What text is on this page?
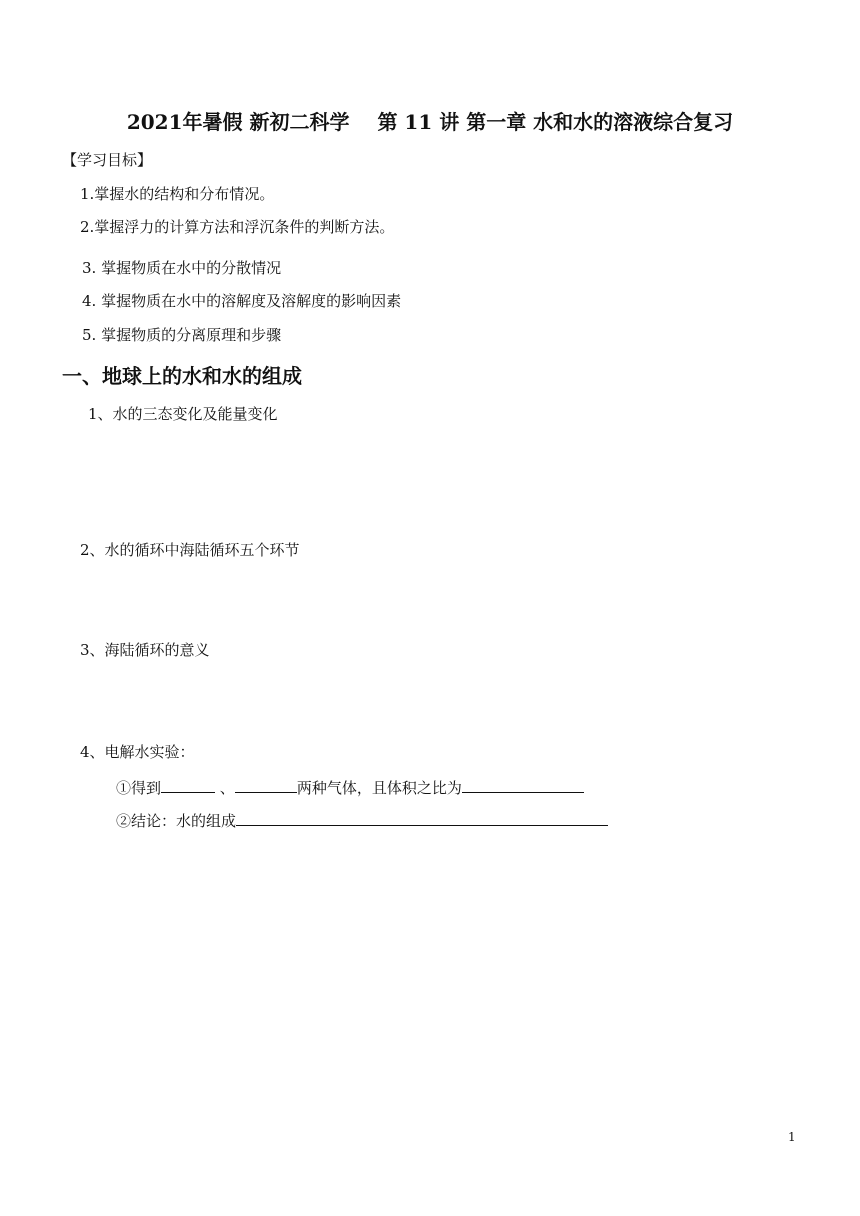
2021年暑假 新初二科学 第 11 讲 第一章 水和水的溶液综合复习
【学习目标】
1.掌握水的结构和分布情况。
2.掌握浮力的计算方法和浮沉条件的判断方法。
3. 掌握物质在水中的分散情况
4. 掌握物质在水中的溶解度及溶解度的影响因素
5. 掌握物质的分离原理和步骤
一、地球上的水和水的组成
1、水的三态变化及能量变化
2、水的循环中海陆循环五个环节
3、海陆循环的意义
4、电解水实验：
①得到	、	两种气体，且体积之比为
②结论：水的组成
1
